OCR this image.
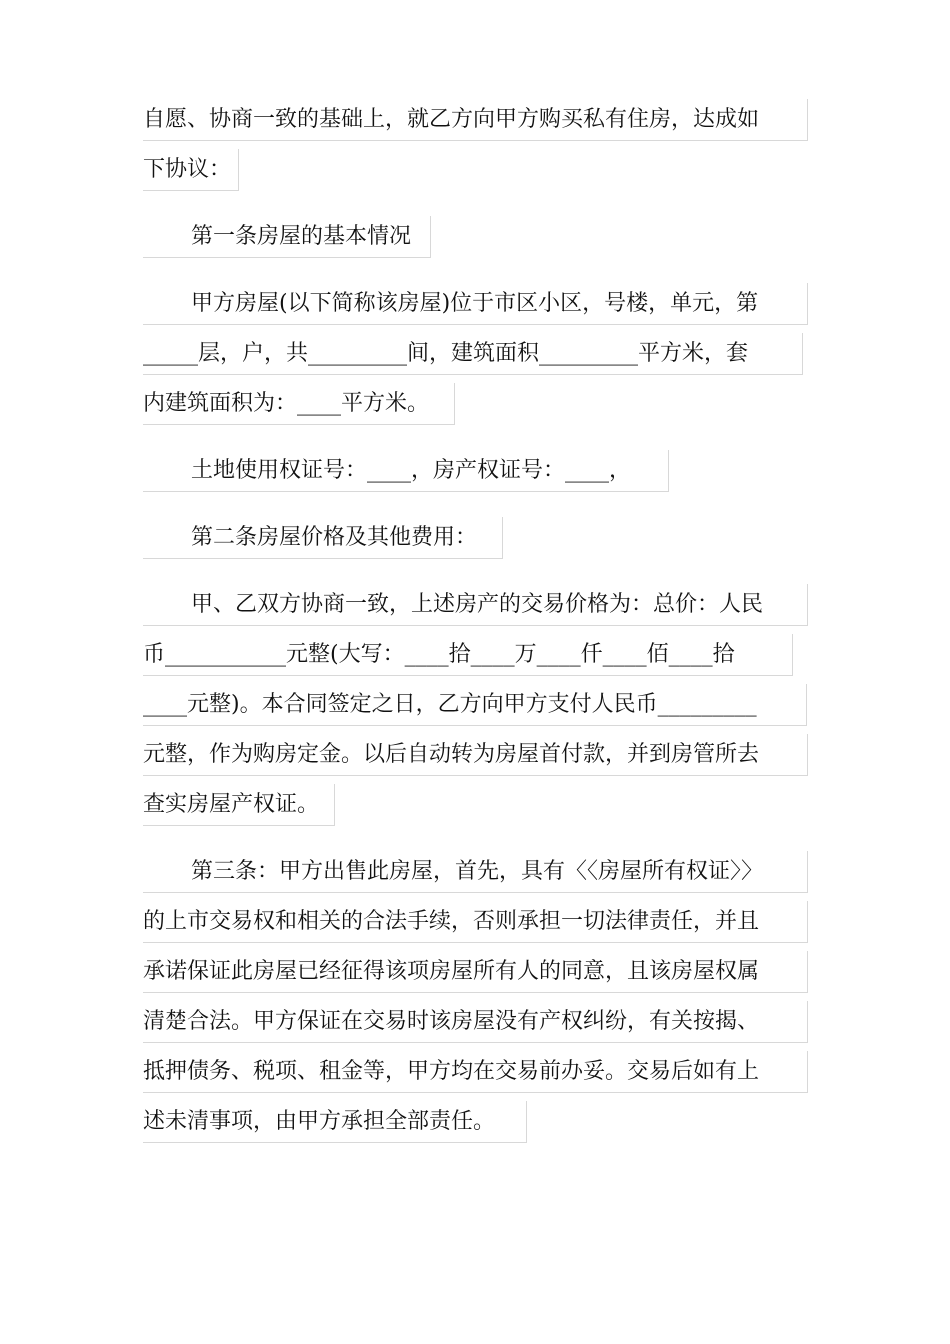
自愿、协商一致的基础上，就乙方向甲方购买私有住房，达成如
下协议：
第一条房屋的基本情况
甲方房屋(以下简称该房屋)位于市区小区，号楼，单元，第
_____层，户，共_________间，建筑面积_________平方米，套
内建筑面积为：____平方米。
土地使用权证号：____，房产权证号：____，
第二条房屋价格及其他费用：
甲、乙双方协商一致，上述房产的交易价格为：总价：人民
币___________元整(大写：____拾____万____仟____佰____拾
____元整)。本合同签定之日，乙方向甲方支付人民币_________
元整，作为购房定金。以后自动转为房屋首付款，并到房管所去
查实房屋产权证。
第三条：甲方出售此房屋，首先，具有〈〈房屋所有权证〉〉
的上市交易权和相关的合法手续，否则承担一切法律责任，并且
承诺保证此房屋已经征得该项房屋所有人的同意，且该房屋权属
清楚合法。甲方保证在交易时该房屋没有产权纠纷，有关按揭、
抵押债务、税项、租金等，甲方均在交易前办妥。交易后如有上
述未清事项，由甲方承担全部责任。
